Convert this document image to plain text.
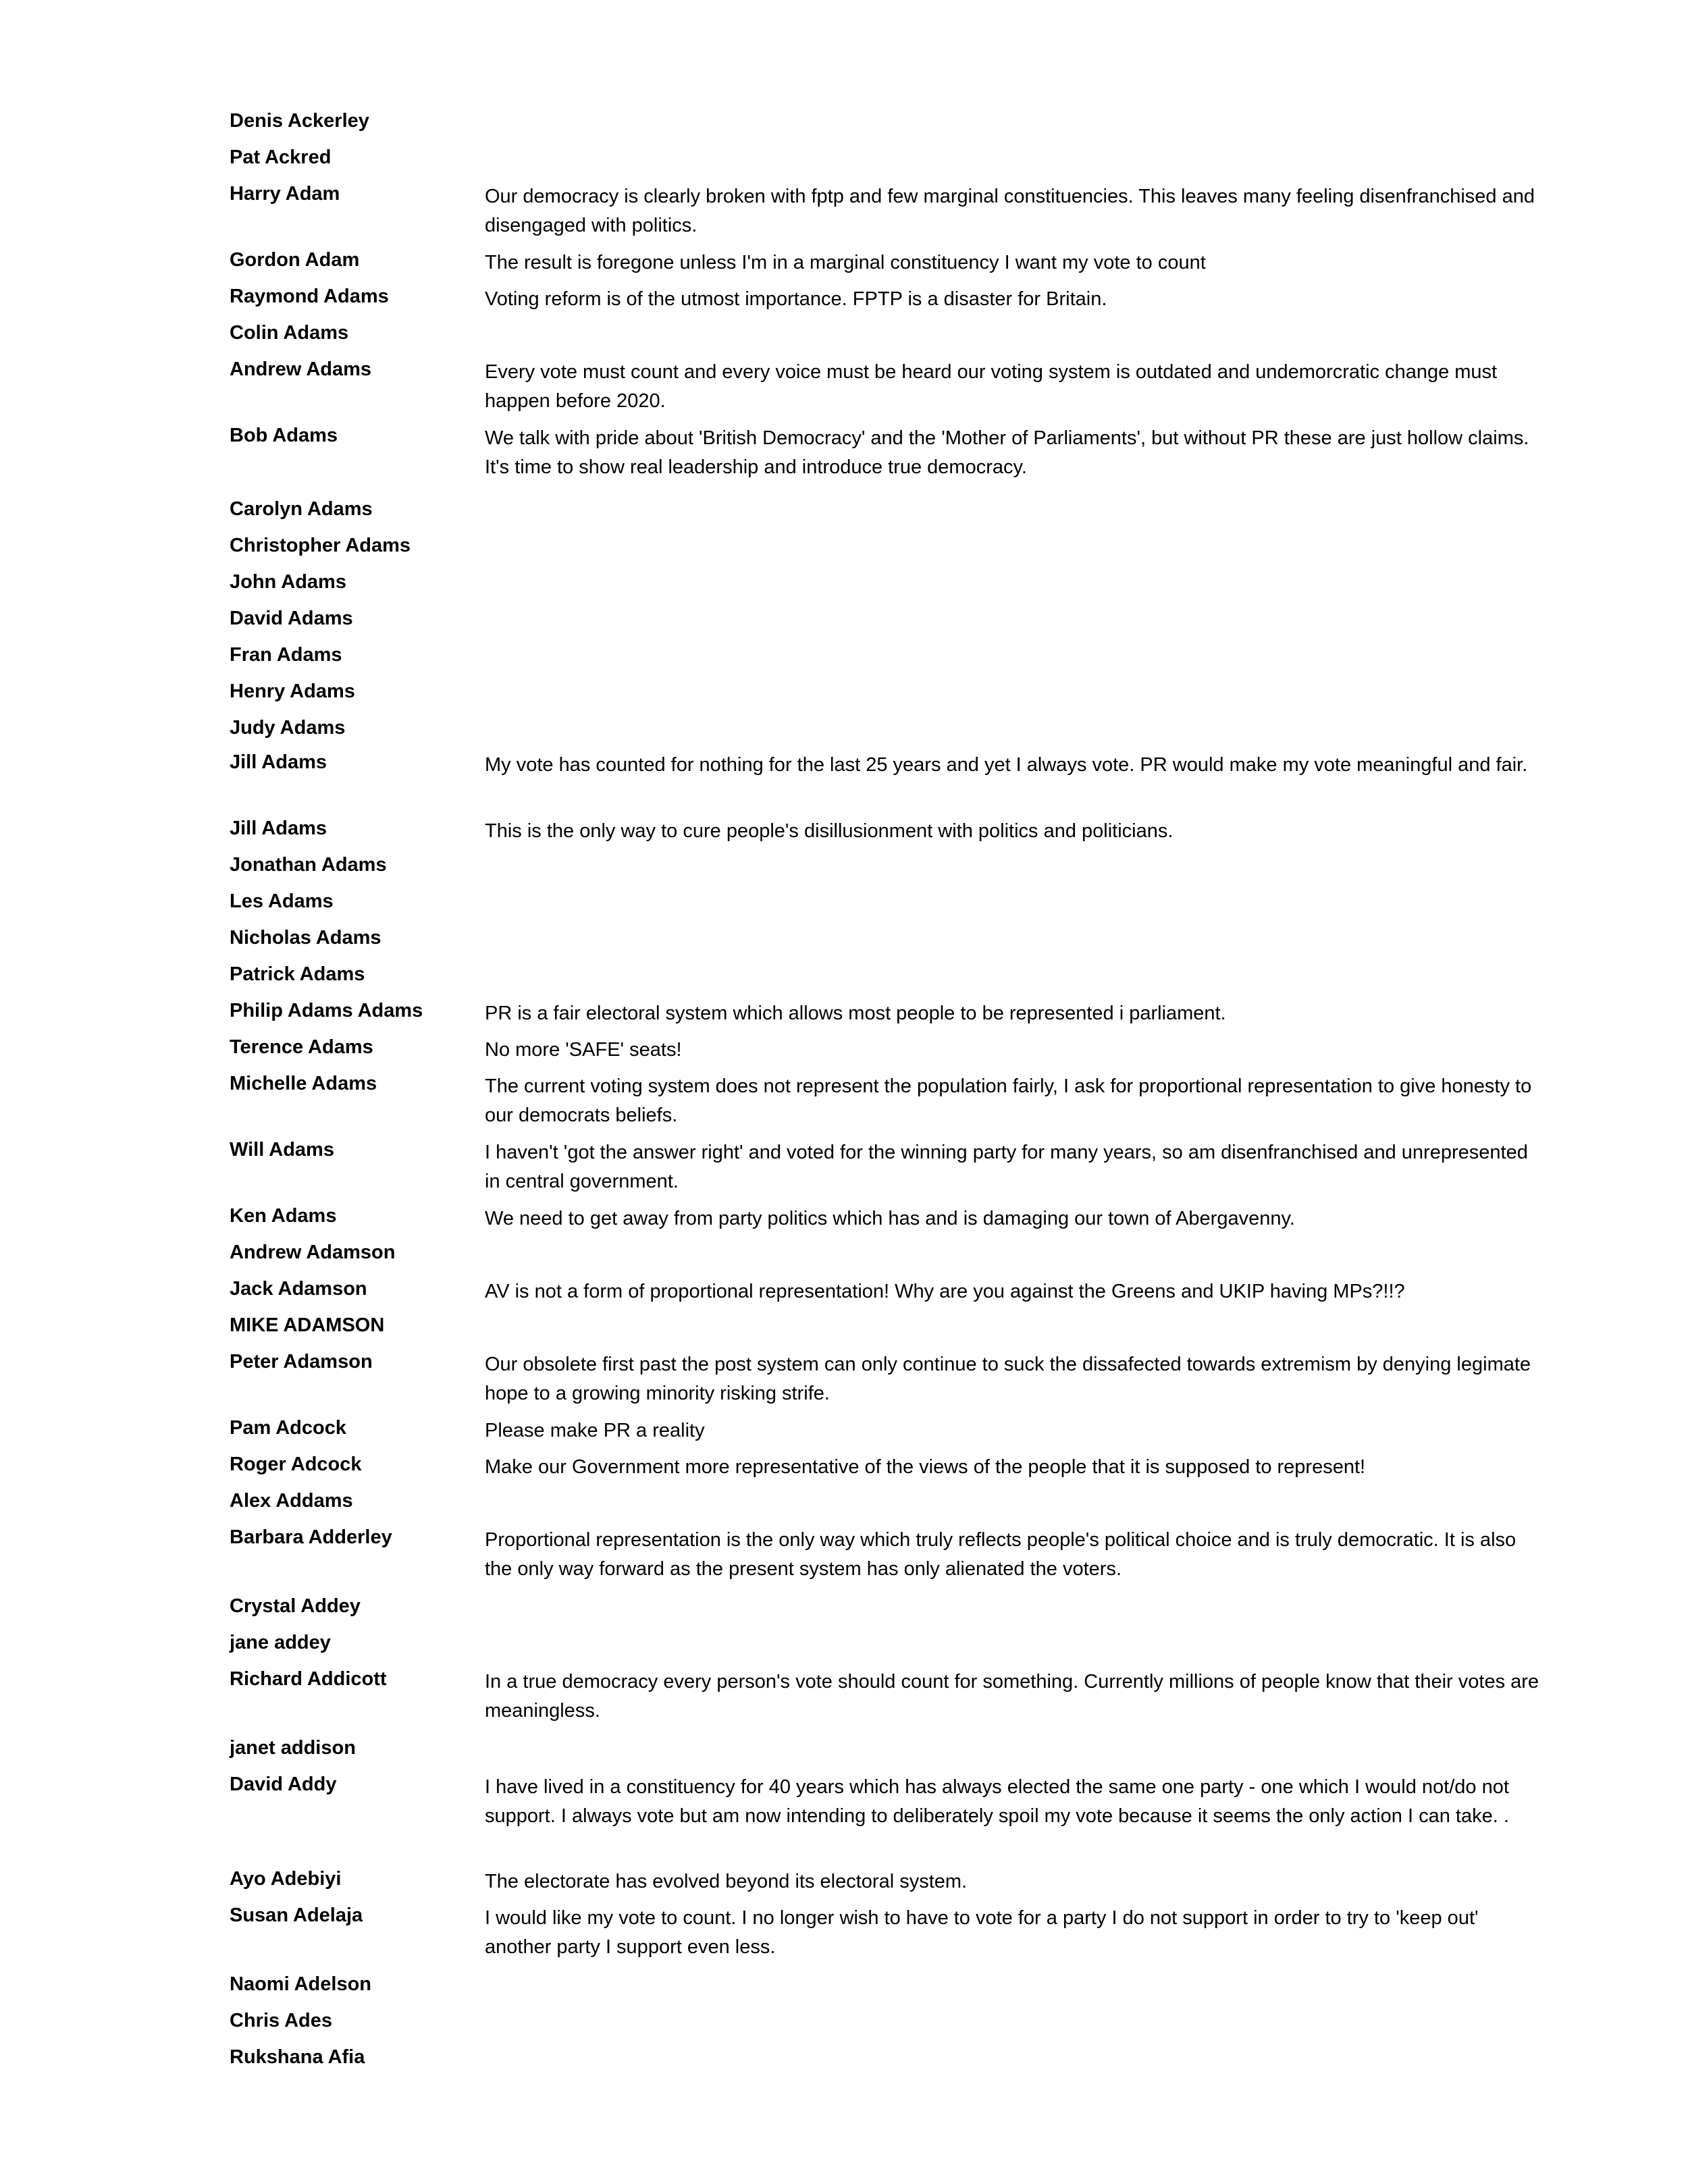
Denis Ackerley
Pat Ackred
Harry Adam	Our democracy is clearly broken with fptp and few marginal constituencies. This leaves many feeling disenfranchised and disengaged with politics.
Gordon Adam	The result is foregone unless I'm in a marginal constituency I want my vote to count
Raymond Adams	Voting reform is of the utmost importance. FPTP is a disaster for Britain.
Colin Adams
Andrew Adams	Every vote must count and every voice must be heard our voting system is outdated and undemorcratic change must happen before 2020.
Bob Adams	We talk with pride about 'British Democracy' and the 'Mother of Parliaments', but without PR these are just hollow claims. It's time to show real leadership and introduce true democracy.
Carolyn Adams
Christopher Adams
John Adams
David Adams
Fran Adams
Henry Adams
Judy Adams
Jill Adams	My vote has counted for nothing for the last 25 years and yet I always vote. PR would make my vote meaningful and fair.
Jill Adams	This is the only way to cure people's disillusionment with politics and politicians.
Jonathan Adams
Les Adams
Nicholas Adams
Patrick Adams
Philip Adams Adams	PR is a fair electoral system which allows most people to be represented i parliament.
Terence Adams	No more 'SAFE' seats!
Michelle Adams	The current voting system does not represent the population fairly, I ask for proportional representation to give honesty to our democrats beliefs.
Will Adams	I haven't 'got the answer right' and voted for the winning party for many years, so am disenfranchised and unrepresented in central government.
Ken Adams	We need to get away from party politics which has and is damaging our town of Abergavenny.
Andrew Adamson
Jack Adamson	AV is not a form of proportional representation! Why are you against the Greens and UKIP having MPs?!!?
MIKE ADAMSON
Peter Adamson	Our obsolete first past the post system can only continue to suck the dissafected towards extremism by denying legimate hope to a growing minority risking strife.
Pam Adcock	Please make PR a reality
Roger Adcock	Make our Government more representative of the views of the people that it is supposed to represent!
Alex Addams
Barbara Adderley	Proportional representation is the only way which truly reflects people's political choice and is truly democratic. It is also the only way forward as the present system has only alienated the voters.
Crystal Addey
jane addey
Richard Addicott	In a true democracy every person's vote should count for something. Currently millions of people know that their votes are meaningless.
janet addison
David Addy	I have lived in a constituency for 40 years which has always elected the same one party - one which I would not/do not support. I always vote but am now intending to deliberately spoil my vote because it seems the only action I can take. .
Ayo Adebiyi	The electorate has evolved beyond its electoral system.
Susan Adelaja	I would like my vote to count. I no longer wish to have to vote for a party I do not support in order to try to 'keep out' another party I support even less.
Naomi Adelson
Chris Ades
Rukshana Afia
